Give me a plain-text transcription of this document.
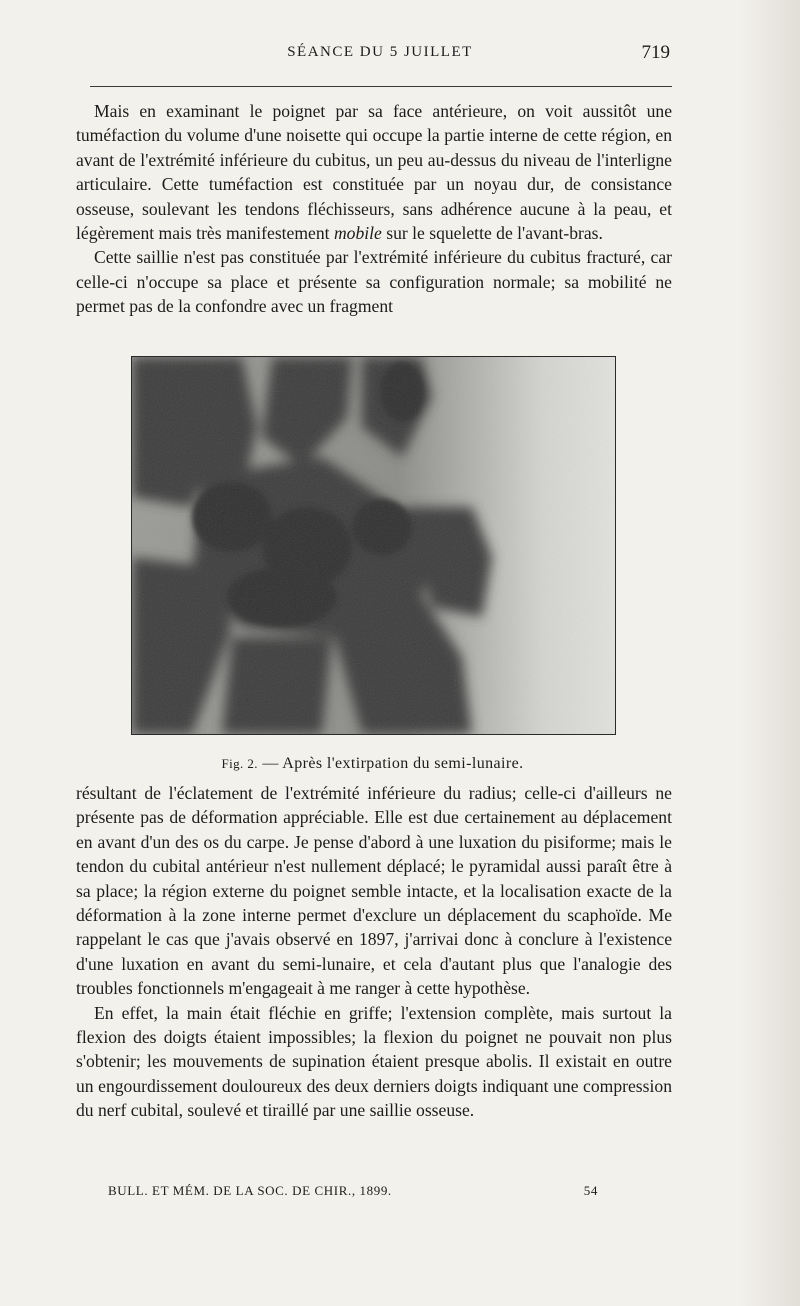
SÉANCE DU 5 JUILLET	719

Mais en examinant le poignet par sa face antérieure, on voit aussitôt une tuméfaction du volume d'une noisette qui occupe la partie interne de cette région, en avant de l'extrémité inférieure du cubitus, un peu au-dessus du niveau de l'interligne articulaire. Cette tuméfaction est constituée par un noyau dur, de consistance osseuse, soulevant les tendons fléchisseurs, sans adhérence aucune à la peau, et légèrement mais très manifestement mobile sur le squelette de l'avant-bras.

Cette saillie n'est pas constituée par l'extrémité inférieure du cubitus fracturé, car celle-ci n'occupe sa place et présente sa configuration normale; sa mobilité ne permet pas de la confondre avec un fragment

Fig. 2. — Après l'extirpation du semi-lunaire.

résultant de l'éclatement de l'extrémité inférieure du radius; celle-ci d'ailleurs ne présente pas de déformation appréciable. Elle est due certainement au déplacement en avant d'un des os du carpe. Je pense d'abord à une luxation du pisiforme; mais le tendon du cubital antérieur n'est nullement déplacé; le pyramidal aussi paraît être à sa place; la région externe du poignet semble intacte, et la localisation exacte de la déformation à la zone interne permet d'exclure un déplacement du scaphoïde. Me rappelant le cas que j'avais observé en 1897, j'arrivai donc à conclure à l'existence d'une luxation en avant du semi-lunaire, et cela d'autant plus que l'analogie des troubles fonctionnels m'engageait à me ranger à cette hypothèse.

En effet, la main était fléchie en griffe; l'extension complète, mais surtout la flexion des doigts étaient impossibles; la flexion du poignet ne pouvait non plus s'obtenir; les mouvements de supination étaient presque abolis. Il existait en outre un engourdissement douloureux des deux derniers doigts indiquant une compression du nerf cubital, soulevé et tiraillé par une saillie osseuse.

BULL. ET MÉM. DE LA SOC. DE CHIR., 1899.	54
